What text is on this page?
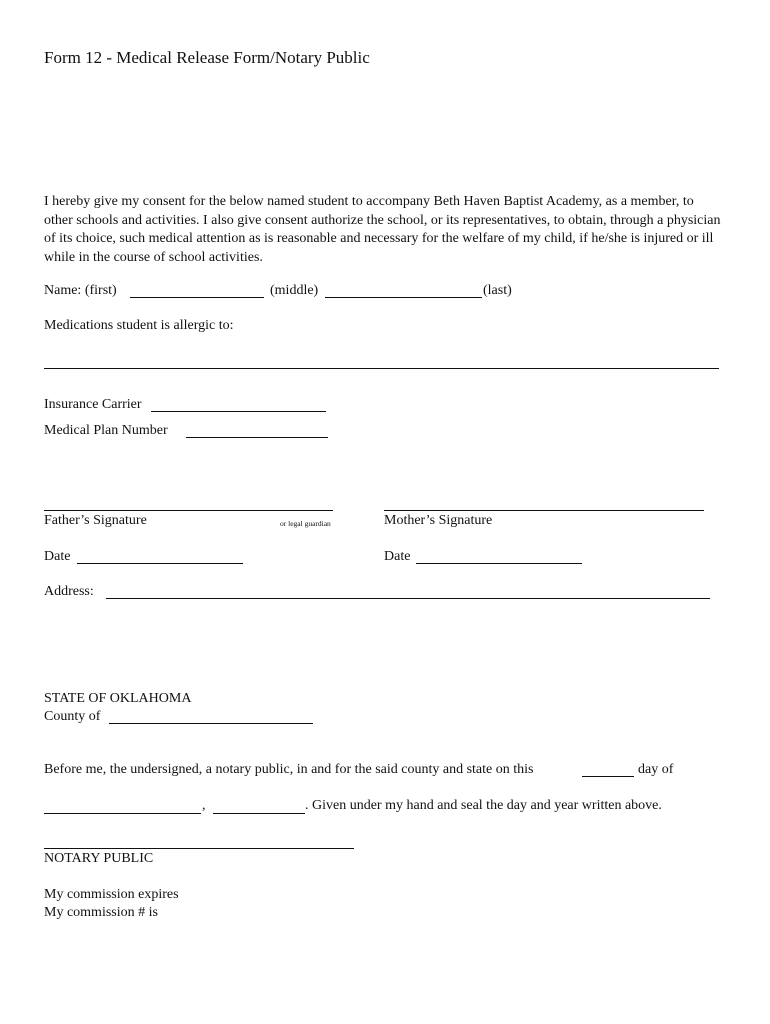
Form 12 - Medical Release Form/Notary Public
I hereby give my consent for the below named student to accompany Beth Haven Baptist Academy, as a member, to other schools and activities. I also give consent authorize the school, or its representatives, to obtain, through a physician of its choice, such medical attention as is reasonable and necessary for the welfare of my child, if he/she is injured or ill while in the course of school activities.
Name: (first)	(middle)	(last)
Medications student is allergic to:
Insurance Carrier
Medical Plan Number
Father’s Signature	or legal guardian	Mother’s Signature
Date	Date
Address:
STATE OF OKLAHOMA
County of
Before me, the undersigned, a notary public, in and for the said county and state on this	day of
,	. Given under my hand and seal the day and year written above.
NOTARY PUBLIC
My commission expires
My commission # is
